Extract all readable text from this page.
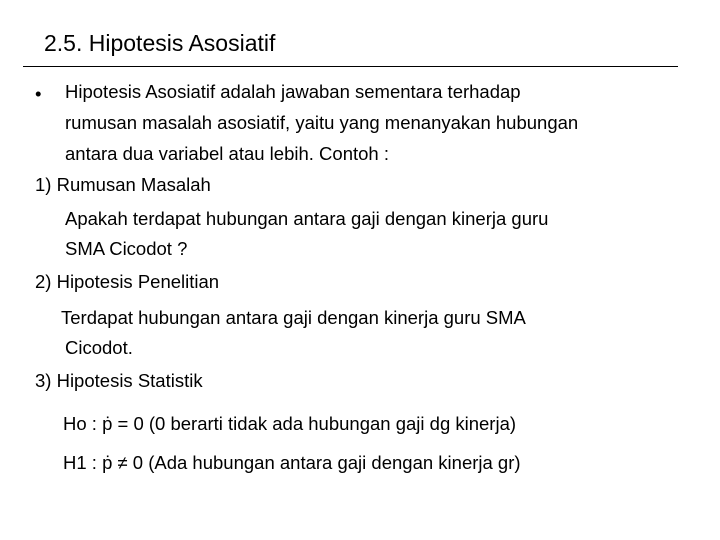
2.5. Hipotesis Asosiatif
• Hipotesis Asosiatif adalah jawaban sementara terhadap
rumusan masalah asosiatif, yaitu yang menanyakan hubungan
antara dua variabel atau lebih. Contoh :
1) Rumusan Masalah
Apakah terdapat hubungan antara gaji dengan kinerja guru
SMA Cicodot ?
2) Hipotesis Penelitian
Terdapat hubungan antara gaji dengan kinerja guru SMA
Cicodot.
3) Hipotesis Statistik
Ho : ṗ = 0 (0 berarti tidak ada hubungan gaji dg kinerja)
H1 : ṗ ≠ 0 (Ada hubungan antara gaji dengan kinerja gr)
